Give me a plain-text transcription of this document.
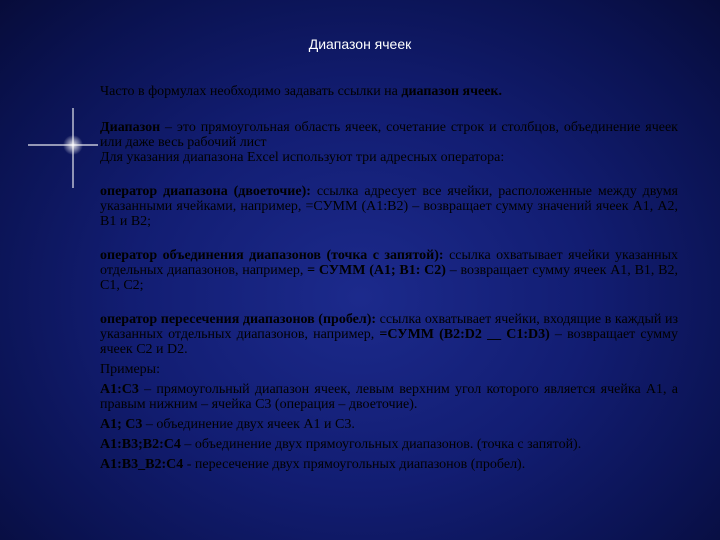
Диапазон ячеек

Часто в формулах необходимо задавать ссылки на диапазон ячеек.

Диапазон – это прямоугольная область ячеек, сочетание строк и столбцов, объединение ячеек или даже весь рабочий лист

Для указания диапазона Excel используют три адресных оператора:

оператор диапазона (двоеточие): ссылка адресует все ячейки, расположенные между двумя указанными ячейками, например, =СУММ (А1:В2) – возвращает сумму значений ячеек А1, А2, В1 и В2;

оператор объединения диапазонов (точка с запятой): ссылка охватывает ячейки указанных отдельных диапазонов, например, = СУММ (А1; В1: С2) – возвращает сумму ячеек А1, В1, В2, С1, С2;

оператор пересечения диапазонов (пробел): ссылка охватывает ячейки, входящие в каждый из указанных отдельных диапазонов, например, =СУММ (В2:D2 __ C1:D3) – возвращает сумму ячеек С2 и D2.

Примеры:

А1:С3 – прямоугольный диапазон ячеек, левым верхним угол которого является ячейка А1, а правым нижним – ячейка С3 (операция – двоеточие).

А1; С3 – объединение двух ячеек А1 и С3.

А1:В3;В2:С4 – объединение двух прямоугольных диапазонов. (точка с запятой).

А1:В3_В2:С4 - пересечение двух прямоугольных диапазонов (пробел).
